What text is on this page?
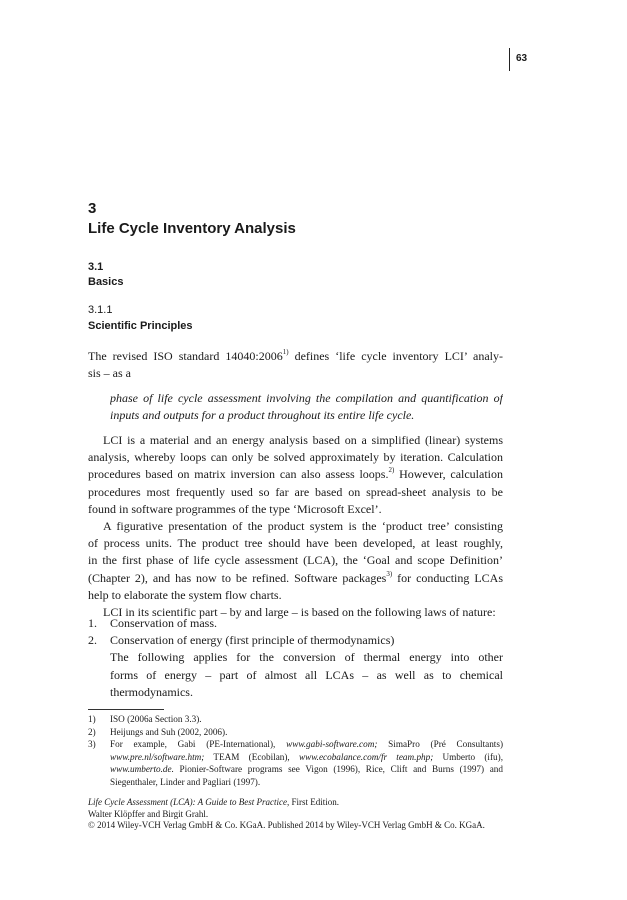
63
3
Life Cycle Inventory Analysis
3.1
Basics
3.1.1
Scientific Principles
The revised ISO standard 14040:2006$^{1)}$ defines ‘life cycle inventory LCI’ analy-
sis – as a
phase of life cycle assessment involving the compilation and quantification of
inputs and outputs for a product throughout its entire life cycle.
LCI is a material and an energy analysis based on a simplified (linear) systems
analysis, whereby loops can only be solved approximately by iteration. Calculation
procedures based on matrix inversion can also assess loops.$^{2)}$ However, calculation
procedures most frequently used so far are based on spread-sheet analysis to be
found in software programmes of the type ‘Microsoft Excel’.
A figurative presentation of the product system is the ‘product tree’ consisting
of process units. The product tree should have been developed, at least roughly,
in the first phase of life cycle assessment (LCA), the ‘Goal and scope Definition’
(Chapter 2), and has now to be refined. Software packages$^{3)}$ for conducting LCAs
help to elaborate the system flow charts.
LCI in its scientific part – by and large – is based on the following laws of nature:
1. Conservation of mass.
2. Conservation of energy (first principle of thermodynamics)
The following applies for the conversion of thermal energy into other
forms of energy – part of almost all LCAs – as well as to chemical
thermodynamics.
1) ISO (2006a Section 3.3).
2) Heijungs and Suh (2002, 2006).
3) For example, Gabi (PE-International), www.gabi-software.com; SimaPro (Pré Consultants)
www.pre.nl/software.htm; TEAM (Ecobilan), www.ecobalance.com/fr team.php; Umberto (ifu),
www.umberto.de. Pionier-Software programs see Vigon (1996), Rice, Clift and Burns (1997) and
Siegenthaler, Linder and Pagliari (1997).
Life Cycle Assessment (LCA): A Guide to Best Practice, First Edition.
Walter Klöpffer and Birgit Grahl.
© 2014 Wiley-VCH Verlag GmbH & Co. KGaA. Published 2014 by Wiley-VCH Verlag GmbH & Co. KGaA.
